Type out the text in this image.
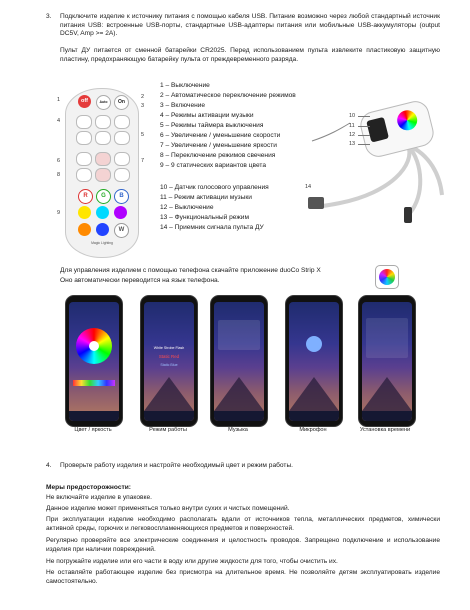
3. Подключите изделие к источнику питания с помощью кабеля USB. Питание возможно через любой стандартный источник питания USB: встроенные USB-порты, стандартные USB-адаптеры питания или мобильные USB-аккумуляторы (output DC5V, Amp >= 2A).
Пульт ДУ питается от сменной батарейки CR2025. Перед использованием пульта извлеките пластиковую защитную пластину, предохраняющую батарейку пульта от преждевременного разряда.
off	Auto	On
R	G	B
W
Magic Lighting
1
4
6
8
9
2
3
5
7
1 – Выключение
2 – Автоматическое переключение режимов
3 – Включение
4 – Режимы активации музыки
5 – Режимы таймера выключения
6 – Увеличение / уменьшение скорости
7 – Увеличение / уменьшение яркости
8 – Переключение режимов свечения
9 – 9 статических вариантов цвета
10 – Датчик голосового управления
11 – Режим активации музыки
12 – Выключение
13 – Функциональный режим
14 – Приемник сигнала пульта ДУ
10
11
12
13
14
Для управления изделием с помощью телефона скачайте приложение duoCo Strip X
Оно автоматически переводится на язык телефона.
White Strobe Flash
Static Red
Static Blue
Цвет / яркость	Режим работы	Музыка	Микрофон	Установка времени
4. Проверьте работу изделия и настройте необходимый цвет и режим работы.
Меры предосторожности:
Не включайте изделие в упаковке.
Данное изделие может применяться только внутри сухих и чистых помещений.
При эксплуатации изделие необходимо располагать вдали от источников тепла, металлических предметов, химически активной среды, горючих и легковоспламеняющихся предметов и поверхностей.
Регулярно проверяйте все электрические соединения и целостность проводов. Запрещено подключение и использование изделия при наличии повреждений.
Не погружайте изделие или его части в воду или другие жидкости для того, чтобы очистить их.
Не оставляйте работающее изделие без присмотра на длительное время. Не позволяйте детям эксплуатировать изделие самостоятельно.
